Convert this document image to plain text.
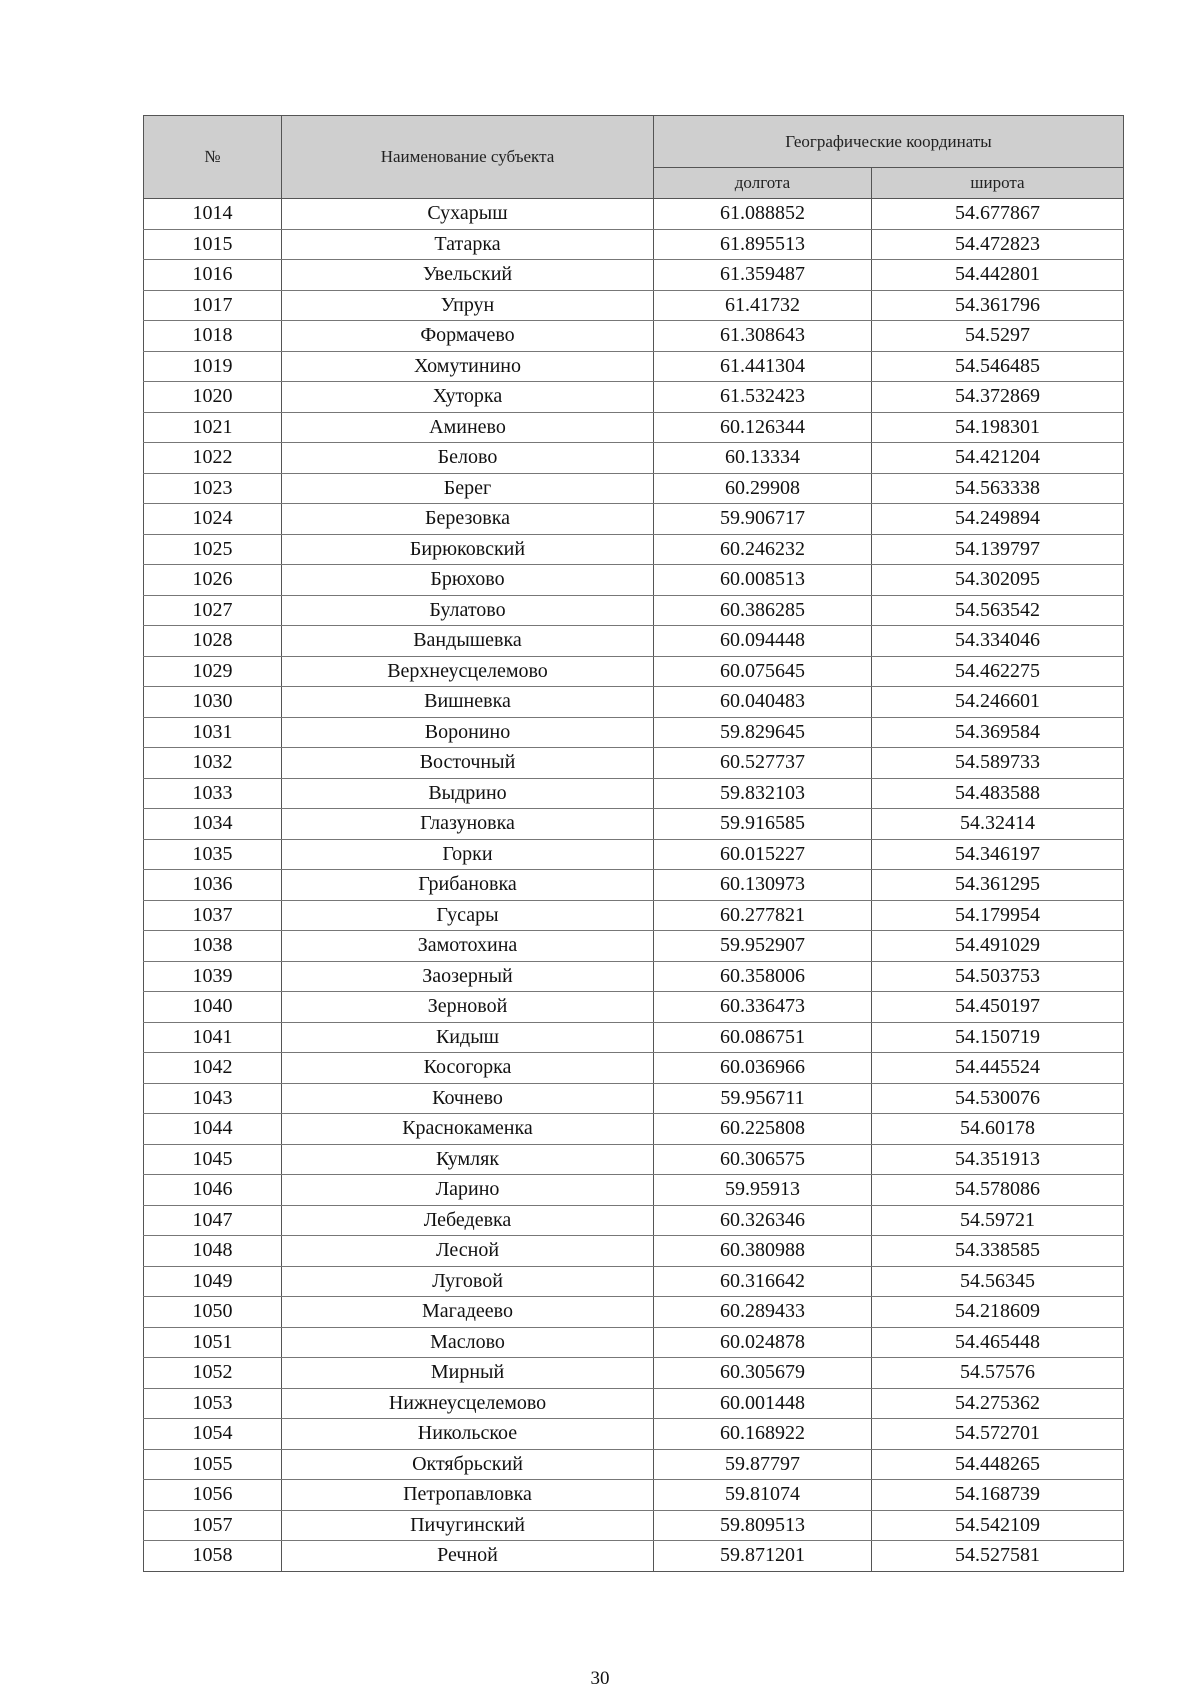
№	Наименование субъекта	Географические координаты	
		долгота	широта
1014	Сухарыш	61.088852	54.677867
1015	Татарка	61.895513	54.472823
1016	Увельский	61.359487	54.442801
1017	Упрун	61.41732	54.361796
1018	Формачево	61.308643	54.5297
1019	Хомутинино	61.441304	54.546485
1020	Хуторка	61.532423	54.372869
1021	Аминево	60.126344	54.198301
1022	Белово	60.13334	54.421204
1023	Берег	60.29908	54.563338
1024	Березовка	59.906717	54.249894
1025	Бирюковский	60.246232	54.139797
1026	Брюхово	60.008513	54.302095
1027	Булатово	60.386285	54.563542
1028	Вандышевка	60.094448	54.334046
1029	Верхнеусцелемово	60.075645	54.462275
1030	Вишневка	60.040483	54.246601
1031	Воронино	59.829645	54.369584
1032	Восточный	60.527737	54.589733
1033	Выдрино	59.832103	54.483588
1034	Глазуновка	59.916585	54.32414
1035	Горки	60.015227	54.346197
1036	Грибановка	60.130973	54.361295
1037	Гусары	60.277821	54.179954
1038	Замотохина	59.952907	54.491029
1039	Заозерный	60.358006	54.503753
1040	Зерновой	60.336473	54.450197
1041	Кидыш	60.086751	54.150719
1042	Косогорка	60.036966	54.445524
1043	Кочнево	59.956711	54.530076
1044	Краснокаменка	60.225808	54.60178
1045	Кумляк	60.306575	54.351913
1046	Ларино	59.95913	54.578086
1047	Лебедевка	60.326346	54.59721
1048	Лесной	60.380988	54.338585
1049	Луговой	60.316642	54.56345
1050	Магадеево	60.289433	54.218609
1051	Маслово	60.024878	54.465448
1052	Мирный	60.305679	54.57576
1053	Нижнеусцелемово	60.001448	54.275362
1054	Никольское	60.168922	54.572701
1055	Октябрьский	59.87797	54.448265
1056	Петропавловка	59.81074	54.168739
1057	Пичугинский	59.809513	54.542109
1058	Речной	59.871201	54.527581
30
